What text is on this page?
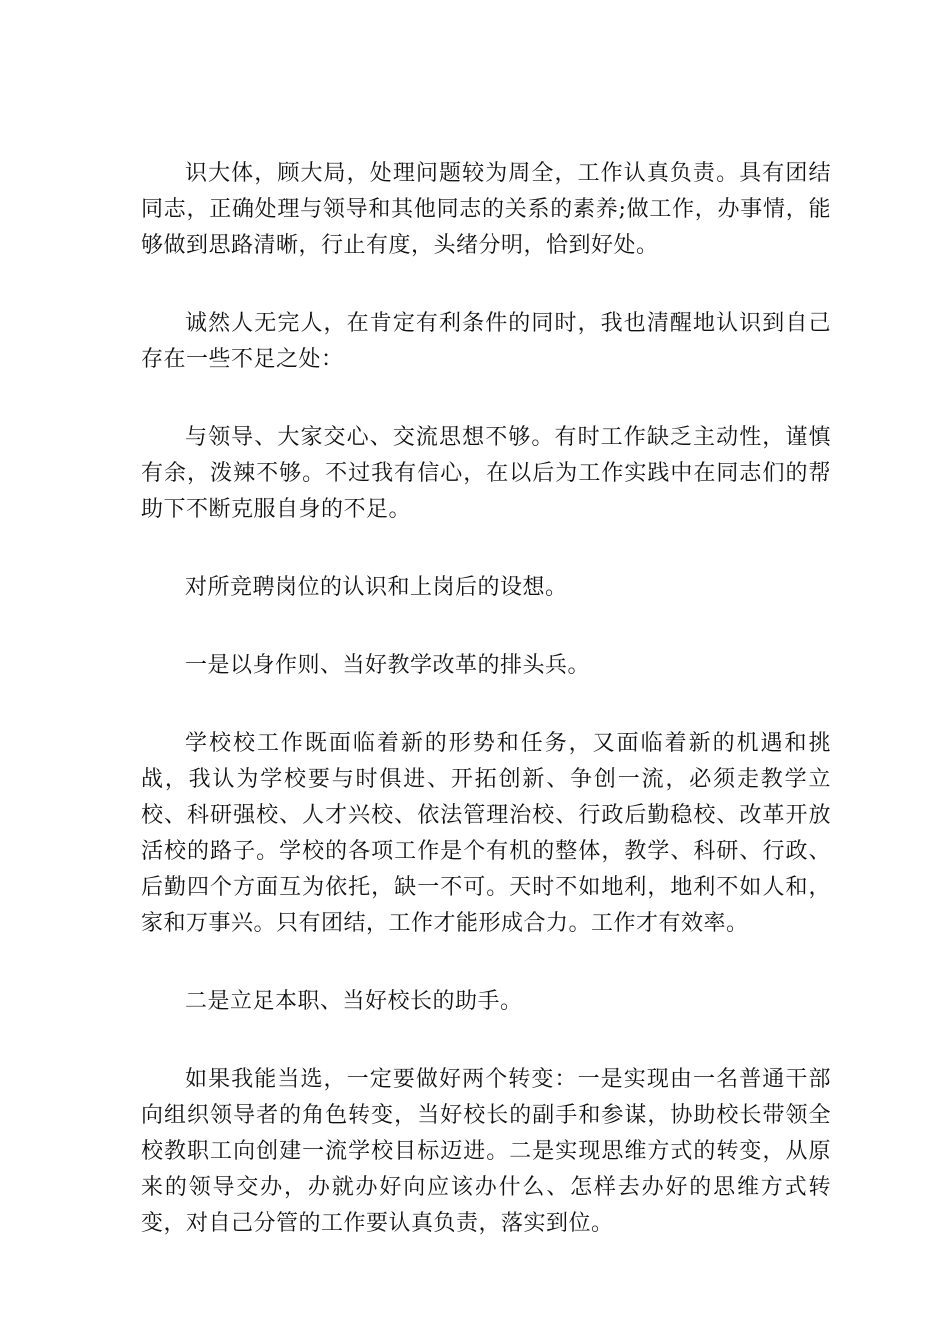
识大体，顾大局，处理问题较为周全，工作认真负责。具有团结同志，正确处理与领导和其他同志的关系的素养;做工作，办事情，能够做到思路清晰，行止有度，头绪分明，恰到好处。

诚然人无完人，在肯定有利条件的同时，我也清醒地认识到自己存在一些不足之处：

与领导、大家交心、交流思想不够。有时工作缺乏主动性，谨慎有余，泼辣不够。不过我有信心，在以后为工作实践中在同志们的帮助下不断克服自身的不足。

对所竞聘岗位的认识和上岗后的设想。

一是以身作则、当好教学改革的排头兵。

学校校工作既面临着新的形势和任务，又面临着新的机遇和挑战，我认为学校要与时俱进、开拓创新、争创一流，必须走教学立校、科研强校、人才兴校、依法管理治校、行政后勤稳校、改革开放活校的路子。学校的各项工作是个有机的整体，教学、科研、行政、后勤四个方面互为依托，缺一不可。天时不如地利，地利不如人和，家和万事兴。只有团结，工作才能形成合力。工作才有效率。

二是立足本职、当好校长的助手。

如果我能当选，一定要做好两个转变：一是实现由一名普通干部向组织领导者的角色转变，当好校长的副手和参谋，协助校长带领全校教职工向创建一流学校目标迈进。二是实现思维方式的转变，从原来的领导交办，办就办好向应该办什么、怎样去办好的思维方式转变，对自己分管的工作要认真负责，落实到位。
